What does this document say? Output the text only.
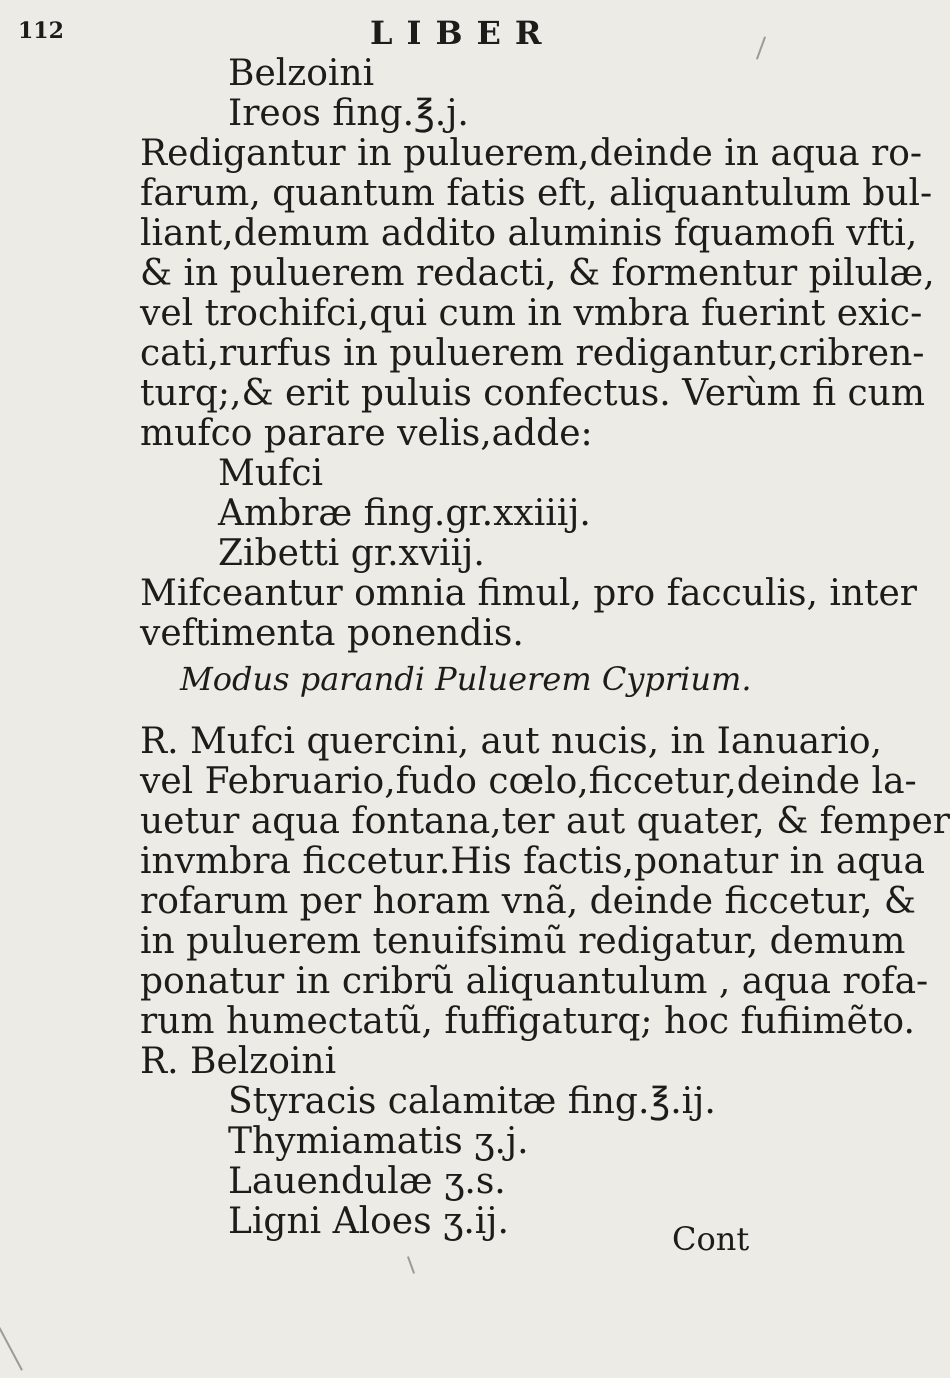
112	LIBER
Belzoini
Ireos fing.℥.j.
Redigantur in puluerem,deinde in aqua ro-
farum, quantum fatis eft, aliquantulum bul-
liant,demum addito aluminis fquamofi vfti,
& in puluerem redacti, & formentur pilulæ,
vel trochifci,qui cum in vmbra fuerint exic-
cati,rurfus in puluerem redigantur,cribren-
turq;,& erit puluis confectus. Verùm fi cum
mufco parare velis,adde:
Mufci
Ambræ fing.gr.xxiiij.
Zibetti gr.xviij.
Mifceantur omnia fimul, pro facculis, inter
veftimenta ponendis.
Modus parandi Puluerem Cyprium.
R. Mufci quercini, aut nucis, in Ianuario,
vel Februario,fudo cœlo,ficcetur,deinde la-
uetur aqua fontana,ter aut quater, & femper
invmbra ficcetur.His factis,ponatur in aqua
rofarum per horam vnã, deinde ficcetur, &
in puluerem tenuifsimũ redigatur, demum
ponatur in cribrũ aliquantulum , aqua rofa-
rum humectatũ, fuffigaturq; hoc fufiimẽto.
R. Belzoini
Styracis calamitæ fing.℥.ij.
Thymiamatis ʒ.j.
Lauendulæ ʒ.s.
Ligni Aloes ʒ.ij.	Cont
